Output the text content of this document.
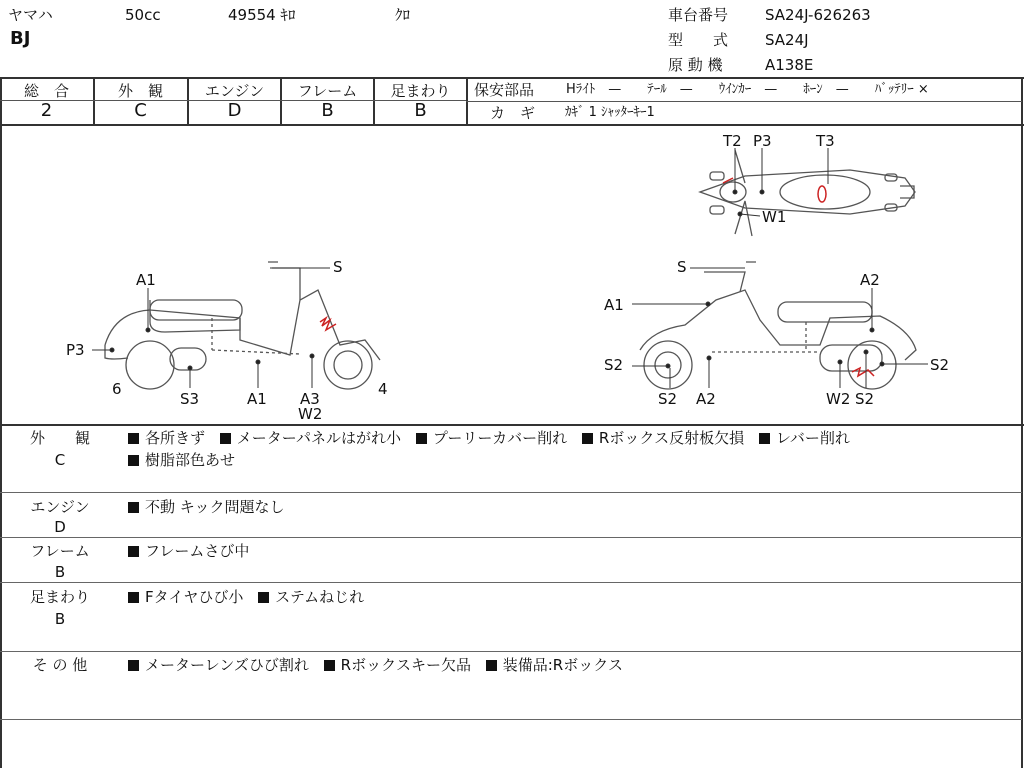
ヤマハ	50cc	49554 ｷﾛ	ｸﾛ
BJ
車台番号 SA24J-626263
型　　式 SA24J
原 動 機	A138E
総　合	外　観	エンジン	フレーム	足まわり
2	C	D	B	B
保安部品 Hﾗｲﾄ　—　　ﾃｰﾙ　—　　ｳｲﾝｶｰ　—　　ﾎｰﾝ　—　　ﾊﾞｯﾃﾘｰ ×
カ　ギ ｶｷﾞ 1 ｼｬｯﾀｰｷｰ1
T2 P3	T3
W1
A1
S
P3
6
S3	A1 A3
W2
4
S
A2
A1
S2
S2
S2
A2	W2 S2
外　　観
C
各所きず メーターパネルはがれ小 プーリーカバー削れ Rボックス反射板欠損 レバー削れ
樹脂部色あせ
エンジン
D
不動 キック問題なし
フレーム
B
フレームさび中
足まわり
B
Fタイヤひび小 ステムねじれ
そ の 他	メーターレンズひび割れ Rボックスキー欠品 装備品:Rボックス
